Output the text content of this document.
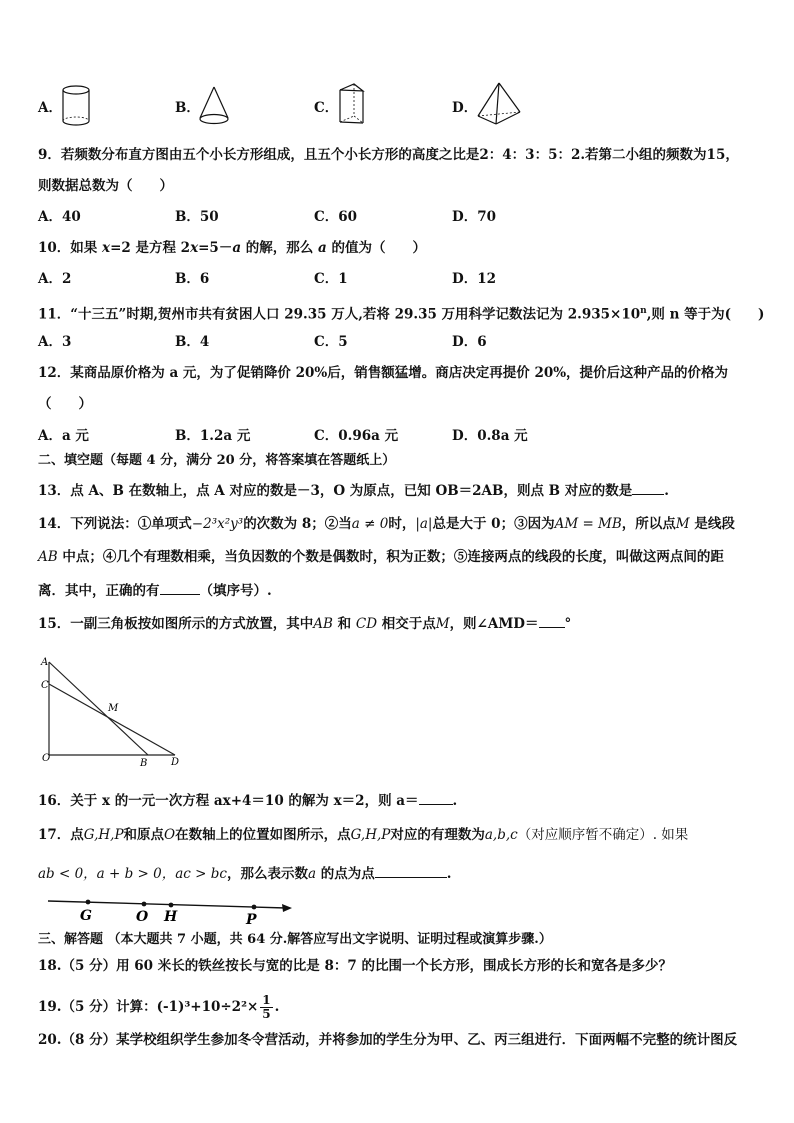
A．	B．	C．	D．
9．若频数分布直方图由五个小长方形组成，且五个小长方形的高度之比是2：4：3：5：2.若第二小组的频数为15，
则数据总数为（　　）
A．40	B．50	C．60	D．70
10．如果 x=2 是方程 2x=5－a 的解，那么 a 的值为（　　）
A．2	B．6	C．1	D．12
11．“十三五”时期,贺州市共有贫困人口 29.35 万人,若将 29.35 万用科学记数法记为 $2.935\times 10^n$,则 n 等于为(　　)
A．3	B．4	C．5	D．6
12．某商品原价格为 a 元，为了促销降价 20%后，销售额猛增。商店决定再提价 20%，提价后这种产品的价格为
（　　）
A．a 元	B．1.2a 元	C．0.96a 元	D．0.8a 元
二、填空题（每题 4 分，满分 20 分，将答案填在答题纸上）
13．点 A、B 在数轴上，点 A 对应的数是－3，O 为原点，已知 OB＝2AB，则点 B 对应的数是 .
14．下列说法：①单项式−2³x²y³的次数为 8；②当a ≠ 0时，|a|总是大于 0；③因为AM = MB，所以点M 是线段
AB 中点；④几个有理数相乘，当负因数的个数是偶数时，积为正数；⑤连接两点的线段的长度，叫做这两点间的距
离．其中，正确的有	（填序号）.
15．一副三角板按如图所示的方式放置，其中AB 和 CD 相交于点M，则∠AMD＝ °
A
C
M
O	B D
16．关于 x 的一元一次方程 ax+4＝10 的解为 x＝2，则 a＝	.
17．点G,H,P和原点O在数轴上的位置如图所示，点G,H,P对应的有理数为a,b,c（对应顺序暂不确定）. 如果
ab < 0，a + b > 0，ac > bc，那么表示数a 的点为点	.
G	O H	P
三、解答题 （本大题共 7 小题，共 64 分.解答应写出文字说明、证明过程或演算步骤.）
18.（5 分）用 60 米长的铁丝按长与宽的比是 8：7 的比围一个长方形，围成长方形的长和宽各是多少？
19.（5 分）计算：$(-1)^3+10\div 2^2\times \frac{1}{5}$ .
20.（8 分）某学校组织学生参加冬令营活动，并将参加的学生分为甲、乙、丙三组进行．下面两幅不完整的统计图反
